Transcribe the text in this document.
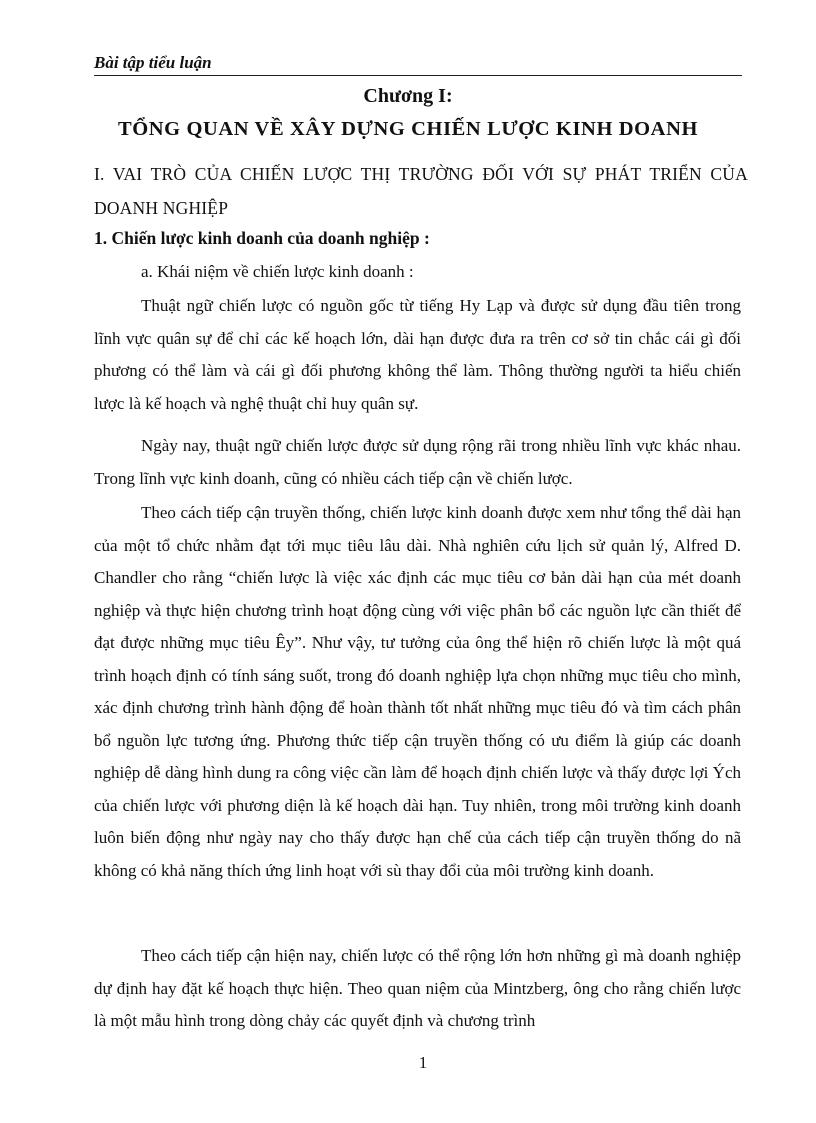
Bài tập tiểu luận
Chương I:
TỔNG QUAN VỀ XÂY DỰNG CHIẾN LƯỢC KINH DOANH

I. VAI TRÒ CỦA CHIẾN LƯỢC THỊ TRƯỜNG ĐỐI VỚI SỰ PHÁT TRIỂN CỦA DOANH NGHIỆP

1. Chiến lược kinh doanh của doanh nghiệp :
a. Khái niệm về chiến lược kinh doanh :

Thuật ngữ chiến lược có nguồn gốc từ tiếng Hy Lạp và được sử dụng đầu tiên trong lĩnh vực quân sự để chỉ các kế hoạch lớn, dài hạn được đưa ra trên cơ sở tin chắc cái gì đối phương có thể làm và cái gì đối phương không thể làm. Thông thường người ta hiểu chiến lược là kế hoạch và nghệ thuật chỉ huy quân sự.

Ngày nay, thuật ngữ chiến lược được sử dụng rộng rãi trong nhiều lĩnh vực khác nhau. Trong lĩnh vực kinh doanh, cũng có nhiều cách tiếp cận về chiến lược.

Theo cách tiếp cận truyền thống, chiến lược kinh doanh được xem như tổng thể dài hạn của một tổ chức nhằm đạt tới mục tiêu lâu dài. Nhà nghiên cứu lịch sử quản lý, Alfred D. Chandler cho rằng “chiến lược là việc xác định các mục tiêu cơ bản dài hạn của mét doanh nghiệp và thực hiện chương trình hoạt động cùng với việc phân bổ các nguồn lực cần thiết để đạt được những mục tiêu Êy”. Như vậy, tư tưởng của ông thể hiện rõ chiến lược là một quá trình hoạch định có tính sáng suốt, trong đó doanh nghiệp lựa chọn những mục tiêu cho mình, xác định chương trình hành động để hoàn thành tốt nhất những mục tiêu đó và tìm cách phân bổ nguồn lực tương ứng. Phương thức tiếp cận truyền thống có ưu điểm là giúp các doanh nghiệp dễ dàng hình dung ra công việc cần làm để hoạch định chiến lược và thấy được lợi Ých của chiến lược với phương diện là kế hoạch dài hạn. Tuy nhiên, trong môi trường kinh doanh luôn biến động như ngày nay cho thấy được hạn chế của cách tiếp cận truyền thống do nã không có khả năng thích ứng linh hoạt với sù thay đổi của môi trường kinh doanh.

Theo cách tiếp cận hiện nay, chiến lược có thể rộng lớn hơn những gì mà doanh nghiệp dự định hay đặt kế hoạch thực hiện. Theo quan niệm của Mintzberg, ông cho rằng chiến lược là một mẫu hình trong dòng chảy các quyết định và chương trình

1
